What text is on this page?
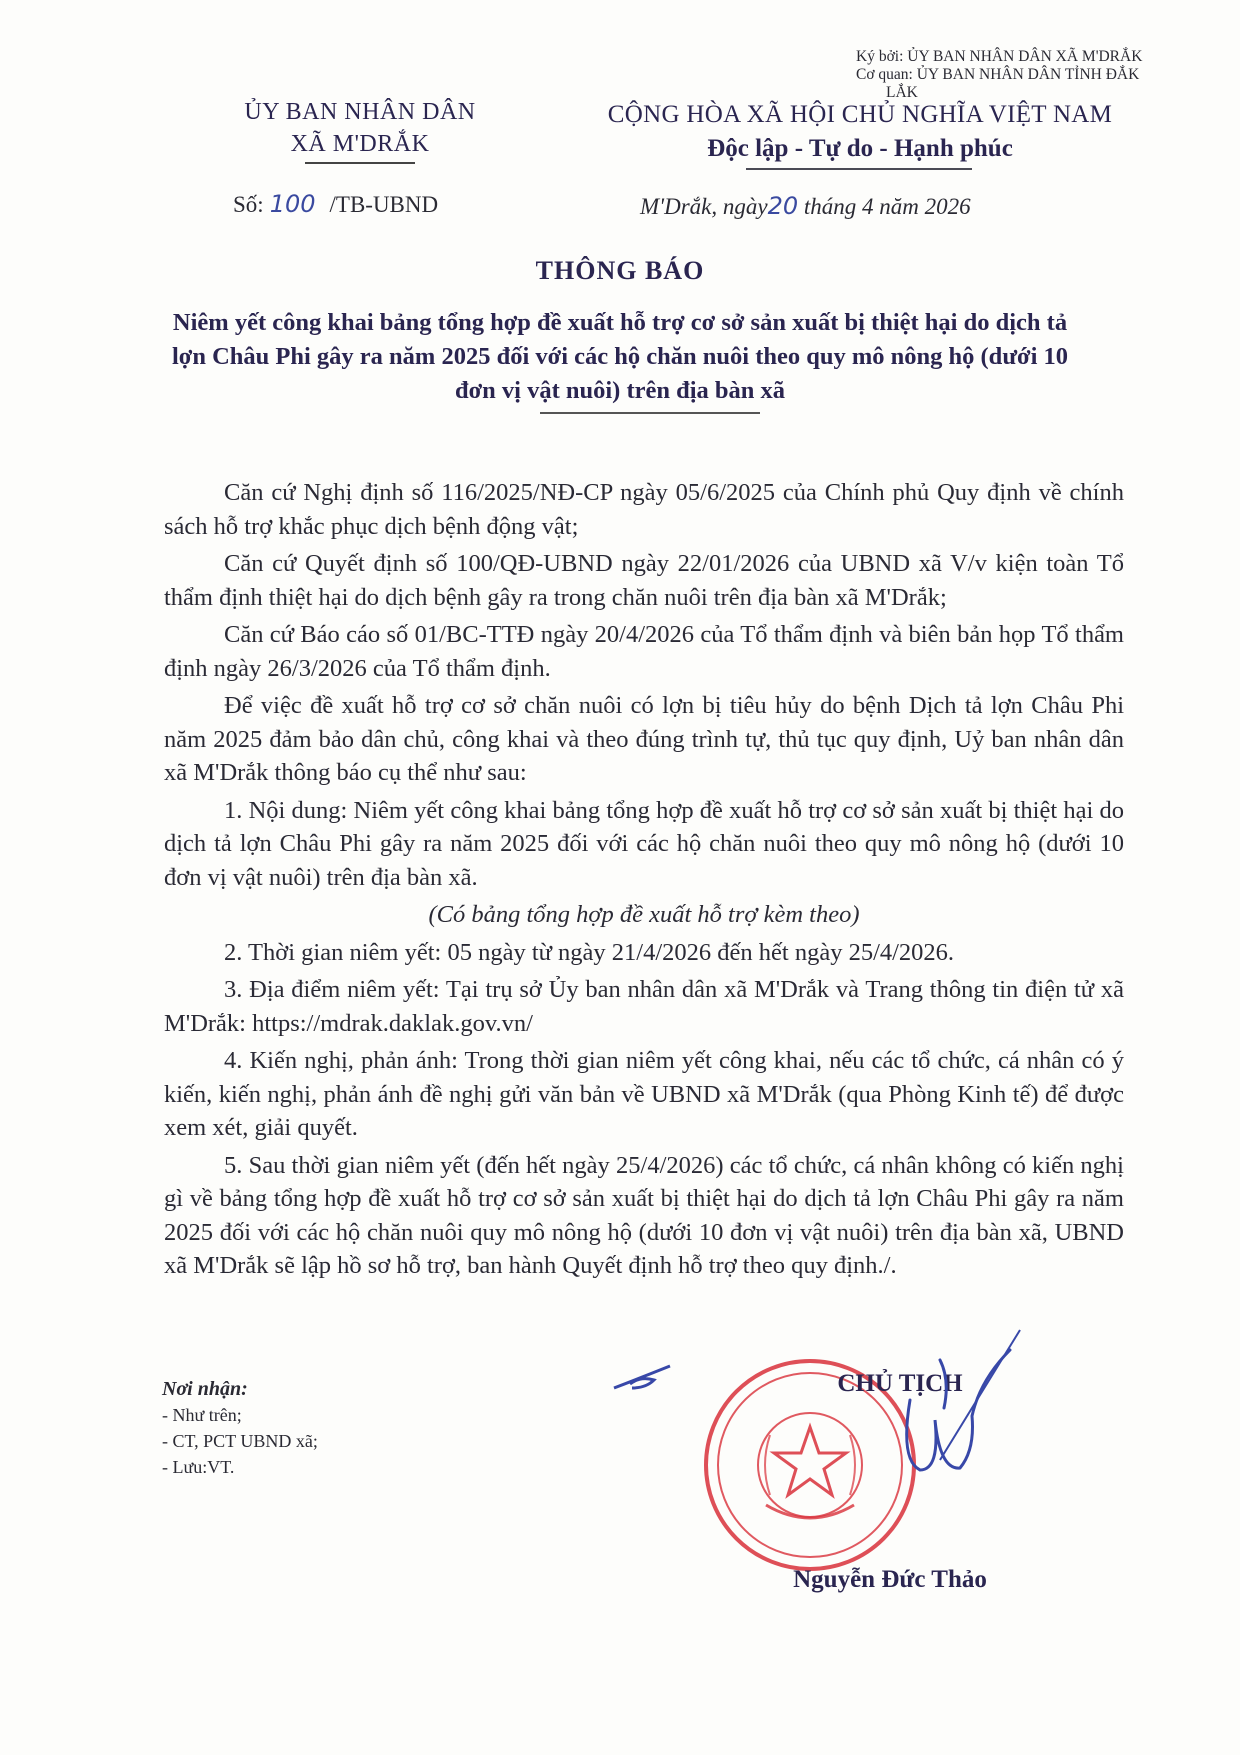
Ký bởi: ỦY BAN NHÂN DÂN XÃ M'DRẮK
Cơ quan: ỦY BAN NHÂN DÂN TỈNH ĐẮK
LẮK
ỦY BAN NHÂN DÂN
XÃ M'DRẮK
CỘNG HÒA XÃ HỘI CHỦ NGHĨA VIỆT NAM
Độc lập - Tự do - Hạnh phúc
Số: 100 /TB-UBND	M'Drắk, ngày20 tháng 4 năm 2026
THÔNG BÁO
Niêm yết công khai bảng tổng hợp đề xuất hỗ trợ cơ sở sản xuất bị thiệt hại do dịch tả lợn Châu Phi gây ra năm 2025 đối với các hộ chăn nuôi theo quy mô nông hộ (dưới 10 đơn vị vật nuôi) trên địa bàn xã

Căn cứ Nghị định số 116/2025/NĐ-CP ngày 05/6/2025 của Chính phủ Quy định về chính sách hỗ trợ khắc phục dịch bệnh động vật;

Căn cứ Quyết định số 100/QĐ-UBND ngày 22/01/2026 của UBND xã V/v kiện toàn Tổ thẩm định thiệt hại do dịch bệnh gây ra trong chăn nuôi trên địa bàn xã M'Drắk;

Căn cứ Báo cáo số 01/BC-TTĐ ngày 20/4/2026 của Tổ thẩm định và biên bản họp Tổ thẩm định ngày 26/3/2026 của Tổ thẩm định.

Để việc đề xuất hỗ trợ cơ sở chăn nuôi có lợn bị tiêu hủy do bệnh Dịch tả lợn Châu Phi năm 2025 đảm bảo dân chủ, công khai và theo đúng trình tự, thủ tục quy định, Uỷ ban nhân dân xã M'Drắk thông báo cụ thể như sau:

1. Nội dung: Niêm yết công khai bảng tổng hợp đề xuất hỗ trợ cơ sở sản xuất bị thiệt hại do dịch tả lợn Châu Phi gây ra năm 2025 đối với các hộ chăn nuôi theo quy mô nông hộ (dưới 10 đơn vị vật nuôi) trên địa bàn xã.

(Có bảng tổng hợp đề xuất hỗ trợ kèm theo)

2. Thời gian niêm yết: 05 ngày từ ngày 21/4/2026 đến hết ngày 25/4/2026.

3. Địa điểm niêm yết: Tại trụ sở Ủy ban nhân dân xã M'Drắk và Trang thông tin điện tử xã M'Drắk: https://mdrak.daklak.gov.vn/

4. Kiến nghị, phản ánh: Trong thời gian niêm yết công khai, nếu các tổ chức, cá nhân có ý kiến, kiến nghị, phản ánh đề nghị gửi văn bản về UBND xã M'Drắk (qua Phòng Kinh tế) để được xem xét, giải quyết.

5. Sau thời gian niêm yết (đến hết ngày 25/4/2026) các tổ chức, cá nhân không có kiến nghị gì về bảng tổng hợp đề xuất hỗ trợ cơ sở sản xuất bị thiệt hại do dịch tả lợn Châu Phi gây ra năm 2025 đối với các hộ chăn nuôi quy mô nông hộ (dưới 10 đơn vị vật nuôi) trên địa bàn xã, UBND xã M'Drắk sẽ lập hồ sơ hỗ trợ, ban hành Quyết định hỗ trợ theo quy định./.

Nơi nhận:
- Như trên;
- CT, PCT UBND xã;
- Lưu:VT.
CHỦ TỊCH
Nguyễn Đức Thảo
